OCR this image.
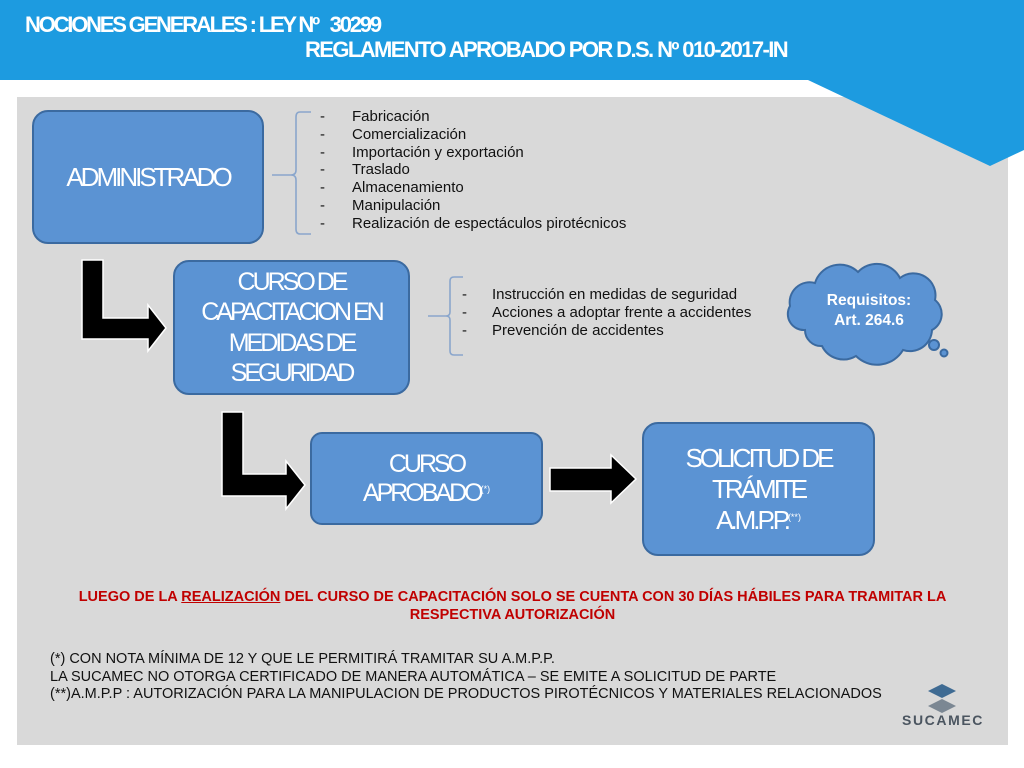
NOCIONES GENERALES : LEY Nº   30299
REGLAMENTO APROBADO POR D.S. Nº 010-2017-IN
ADMINISTRADO
-	Fabricación
-	Comercialización
-	Importación y exportación
-	Traslado
-	Almacenamiento
-	Manipulación
-	Realización de espectáculos pirotécnicos
CURSO DE
CAPACITACION EN
MEDIDAS DE
SEGURIDAD
-	Instrucción en medidas de seguridad
-	Acciones a adoptar frente a accidentes
-	Prevención de accidentes
Requisitos:
Art. 264.6
CURSO
APROBADO(*)
SOLICITUD DE
TRÁMITE
A.M.P.P.(**)
LUEGO DE LA REALIZACIÓN DEL CURSO DE CAPACITACIÓN SOLO SE CUENTA CON 30 DÍAS HÁBILES PARA TRAMITAR LA
RESPECTIVA AUTORIZACIÓN
(*) CON NOTA MÍNIMA DE 12 Y QUE LE PERMITIRÁ TRAMITAR SU A.M.P.P.
LA SUCAMEC NO OTORGA CERTIFICADO DE MANERA AUTOMÁTICA – SE EMITE A SOLICITUD DE PARTE
(**)A.M.P.P : AUTORIZACIÓN PARA LA MANIPULACION DE PRODUCTOS PIROTÉCNICOS Y MATERIALES RELACIONADOS
SUCAMEC
